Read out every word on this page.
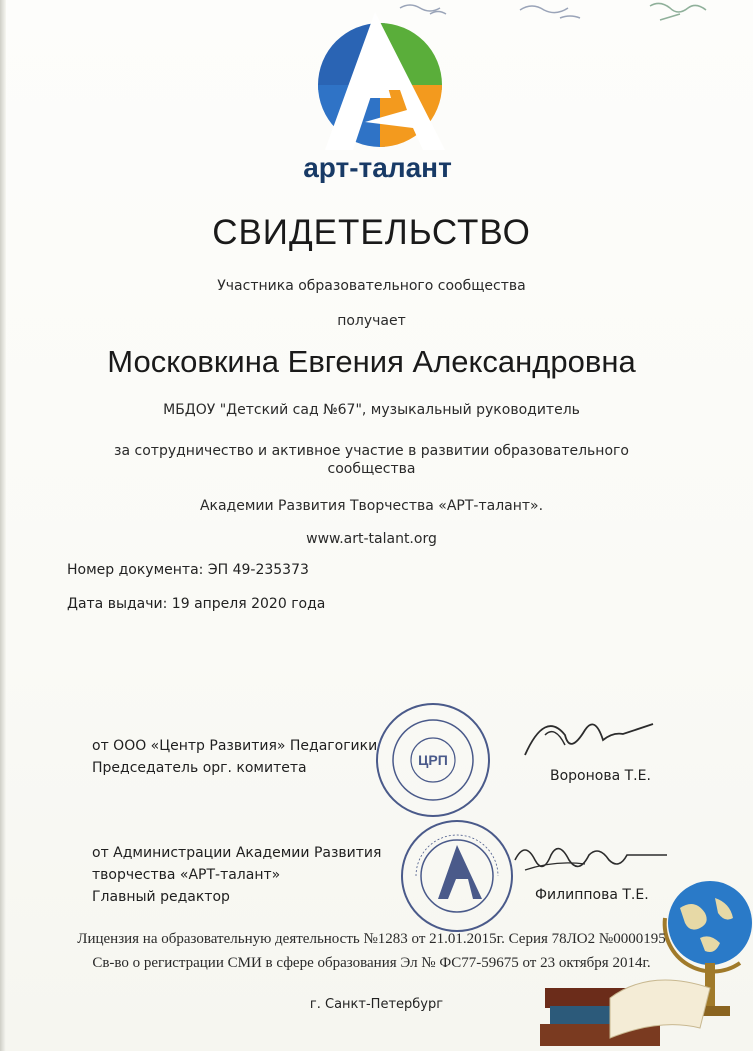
арт-талант
СВИДЕТЕЛЬСТВО
Участника образовательного сообщества
получает
Московкина Евгения Александровна
МБДОУ "Детский сад №67", музыкальный руководитель
за сотрудничество и активное участие в развитии образовательного
сообщества
Академии Развития Творчества «АРТ-талант».
www.art-talant.org
Номер документа: ЭП 49-235373
Дата выдачи: 19 апреля 2020 года
от ООО «Центр Развития» Педагогики
Председатель орг. комитета	ЦРП
Воронова Т.Е.
от Администрации Академии Развития
творчества «АРТ-талант»
Главный редактор	Филиппова Т.Е.
Лицензия на образовательную деятельность №1283 от 21.01.2015г. Серия 78ЛО2 №0000195
Св-во о регистрации СМИ в сфере образования Эл № ФС77-59675 от 23 октября 2014г.
г. Санкт-Петербург
